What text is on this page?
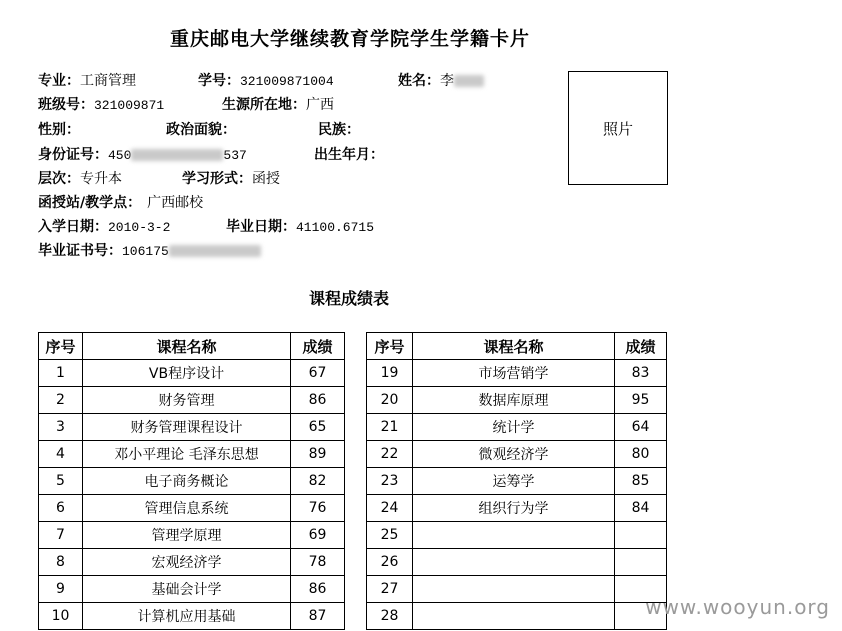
重庆邮电大学继续教育学院学生学籍卡片
专业：工商管理	学号：321009871004	姓名：李
班级号：321009871	生源所在地：广西
性别：	政治面貌：	民族：
身份证号：450	537	出生年月：
层次：专升本	学习形式：函授
函授站/教学点： 广西邮校
入学日期：2010-3-2	毕业日期：41100.6715
毕业证书号：106175
照片
课程成绩表
序号	课程名称	成绩
1	VB程序设计	67
2	财务管理	86
3	财务管理课程设计	65
4	邓小平理论 毛泽东思想	89
5	电子商务概论	82
6	管理信息系统	76
7	管理学原理	69
8	宏观经济学	78
9	基础会计学	86
10	计算机应用基础	87
序号	课程名称	成绩
19	市场营销学	83
20	数据库原理	95
21	统计学	64
22	微观经济学	80
23	运筹学	85
24	组织行为学	84
25		
26		
27		
28			www.wooyun.org
